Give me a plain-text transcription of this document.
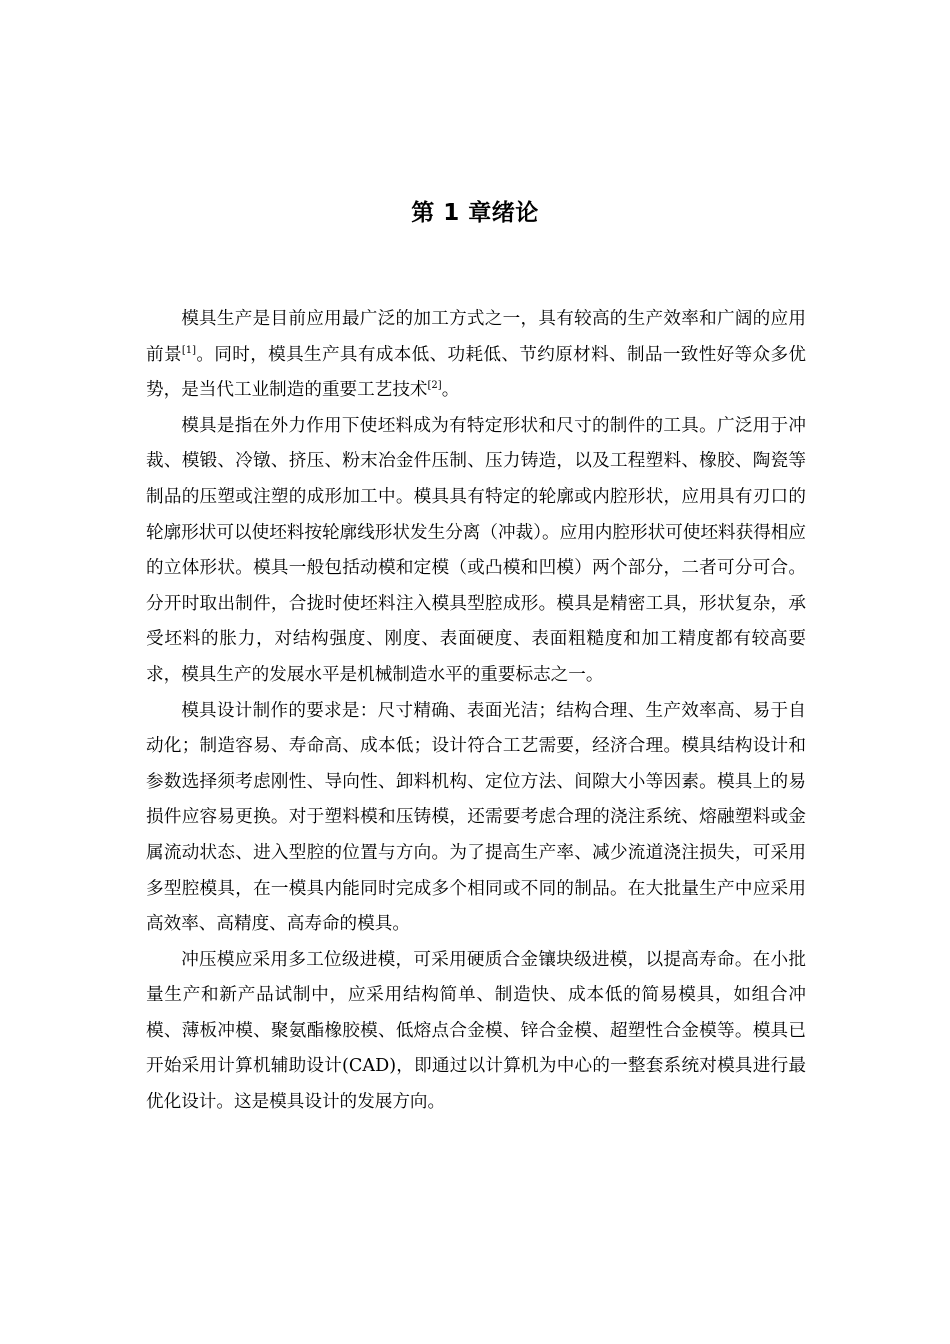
第 1 章绪论

模具生产是目前应用最广泛的加工方式之一，具有较高的生产效率和广阔的应用前景[1]。同时，模具生产具有成本低、功耗低、节约原材料、制品一致性好等众多优势，是当代工业制造的重要工艺技术[2]。

模具是指在外力作用下使坯料成为有特定形状和尺寸的制件的工具。广泛用于冲裁、模锻、冷镦、挤压、粉末冶金件压制、压力铸造，以及工程塑料、橡胶、陶瓷等制品的压塑或注塑的成形加工中。模具具有特定的轮廓或内腔形状，应用具有刃口的轮廓形状可以使坯料按轮廓线形状发生分离（冲裁）。应用内腔形状可使坯料获得相应的立体形状。模具一般包括动模和定模（或凸模和凹模）两个部分，二者可分可合。分开时取出制件，合拢时使坯料注入模具型腔成形。模具是精密工具，形状复杂，承受坯料的胀力，对结构强度、刚度、表面硬度、表面粗糙度和加工精度都有较高要求，模具生产的发展水平是机械制造水平的重要标志之一。

模具设计制作的要求是：尺寸精确、表面光洁；结构合理、生产效率高、易于自动化；制造容易、寿命高、成本低；设计符合工艺需要，经济合理。模具结构设计和参数选择须考虑刚性、导向性、卸料机构、定位方法、间隙大小等因素。模具上的易损件应容易更换。对于塑料模和压铸模，还需要考虑合理的浇注系统、熔融塑料或金属流动状态、进入型腔的位置与方向。为了提高生产率、减少流道浇注损失，可采用多型腔模具，在一模具内能同时完成多个相同或不同的制品。在大批量生产中应采用高效率、高精度、高寿命的模具。

冲压模应采用多工位级进模，可采用硬质合金镶块级进模，以提高寿命。在小批量生产和新产品试制中，应采用结构简单、制造快、成本低的简易模具，如组合冲模、薄板冲模、聚氨酯橡胶模、低熔点合金模、锌合金模、超塑性合金模等。模具已开始采用计算机辅助设计(CAD)，即通过以计算机为中心的一整套系统对模具进行最优化设计。这是模具设计的发展方向。
